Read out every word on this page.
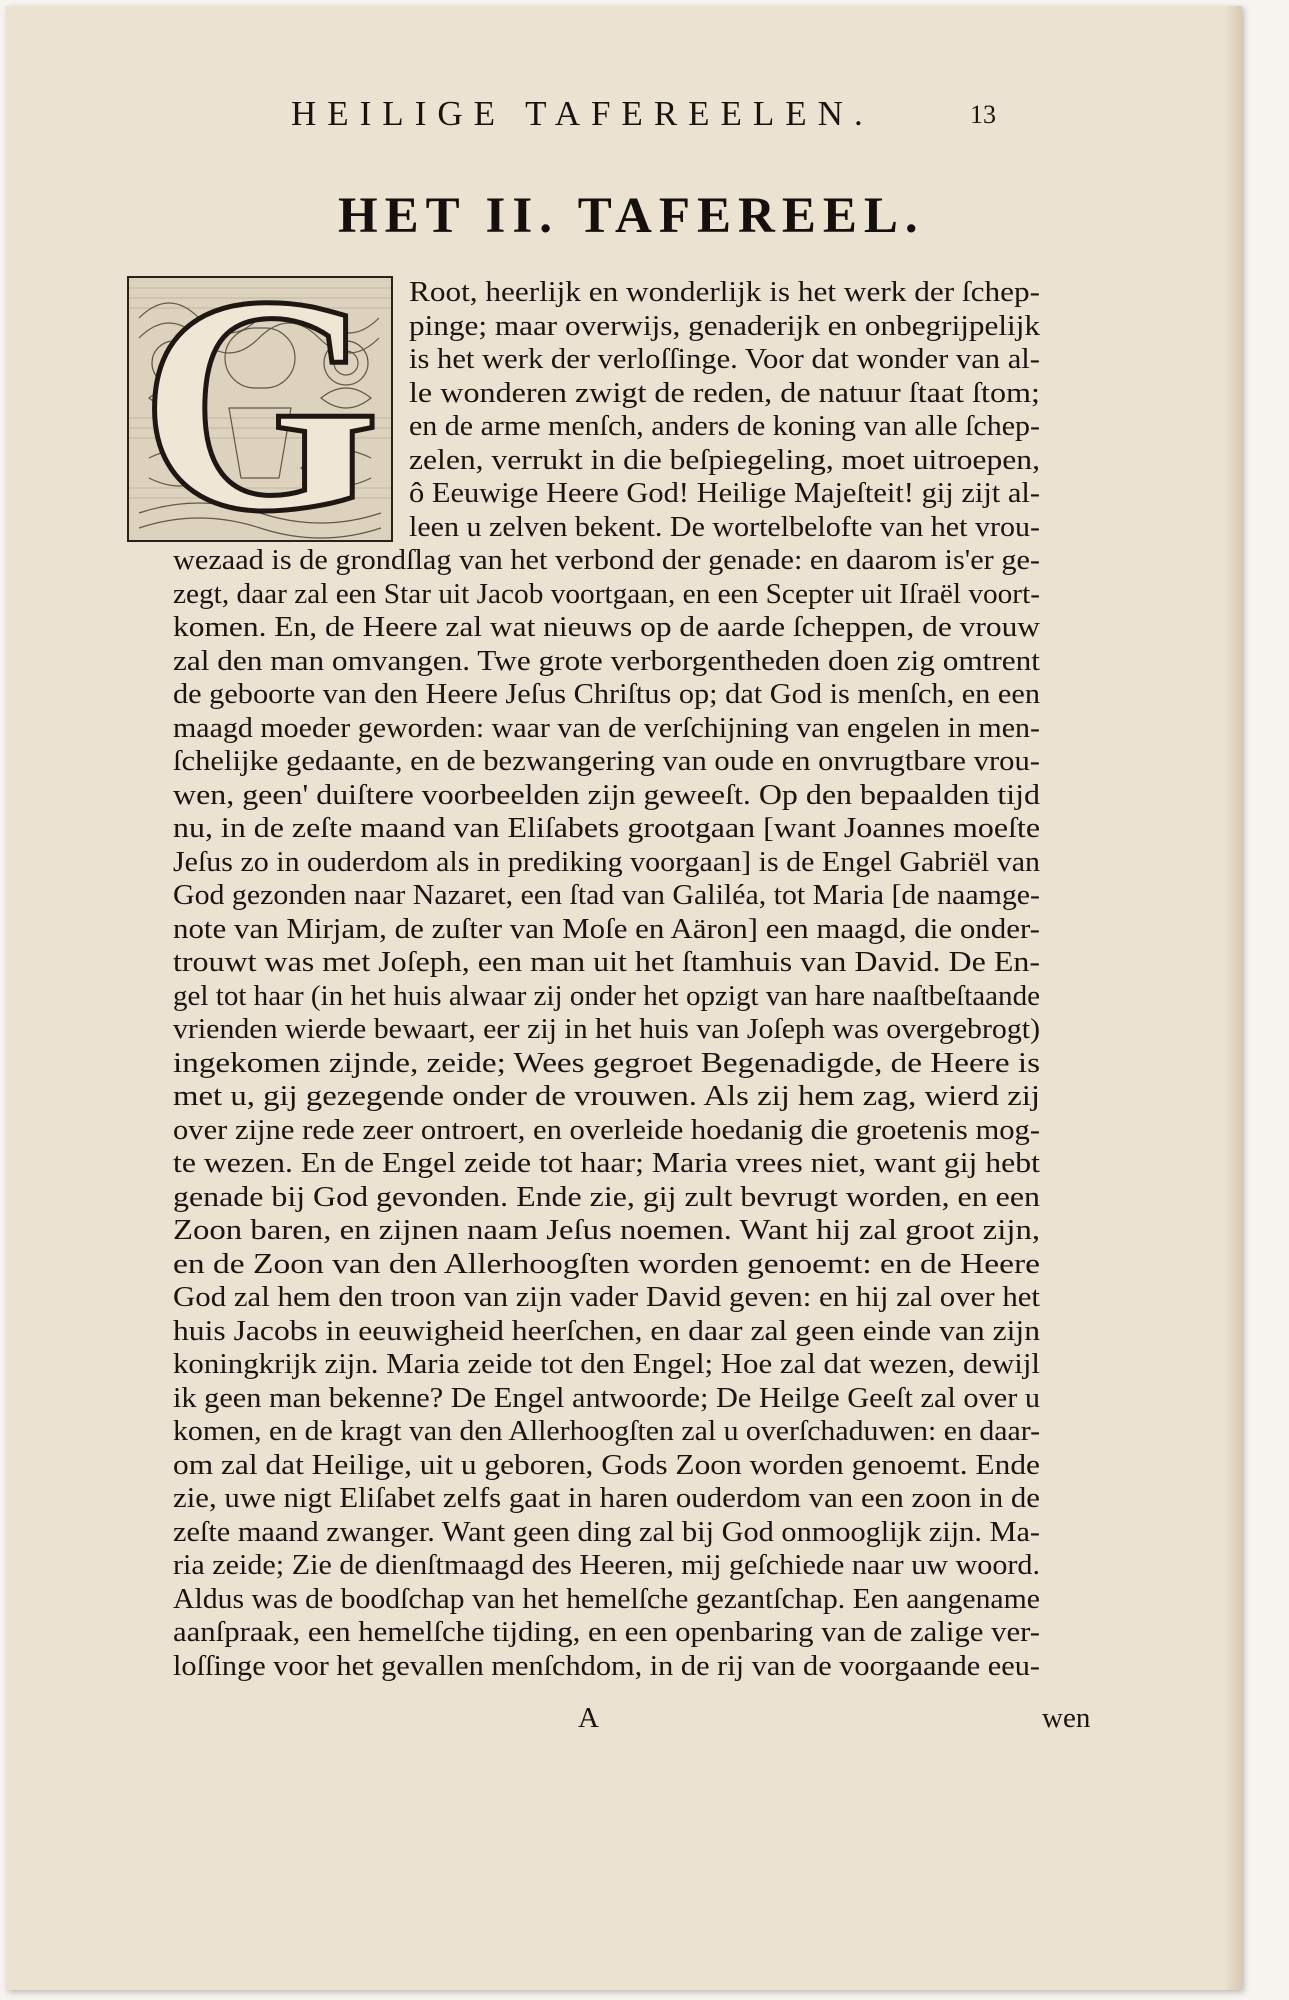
HEILIGE TAFEREELEN.	13
HET II. TAFEREEL.
G Root, heerlijk en wonderlijk is het werk der ſchep-
pinge; maar overwijs, genaderijk en onbegrijpelijk
is het werk der verloſſinge. Voor dat wonder van al-
le wonderen zwigt de reden, de natuur ſtaat ſtom;
en de arme menſch, anders de koning van alle ſchep-
zelen, verrukt in die beſpiegeling, moet uitroepen,
ô Eeuwige Heere God! Heilige Majeſteit! gij zijt al-
leen u zelven bekent. De wortelbelofte van het vrou-
wezaad is de grondſlag van het verbond der genade: en daarom is'er ge-
zegt, daar zal een Star uit Jacob voortgaan, en een Scepter uit Iſraël voort-
komen. En, de Heere zal wat nieuws op de aarde ſcheppen, de vrouw
zal den man omvangen. Twe grote verborgentheden doen zig omtrent
de geboorte van den Heere Jeſus Chriſtus op; dat God is menſch, en een
maagd moeder geworden: waar van de verſchijning van engelen in men-
ſchelijke gedaante, en de bezwangering van oude en onvrugtbare vrou-
wen, geen' duiſtere voorbeelden zijn geweeſt. Op den bepaalden tijd
nu, in de zeſte maand van Eliſabets grootgaan [want Joannes moeſte
Jeſus zo in ouderdom als in prediking voorgaan] is de Engel Gabriël van
God gezonden naar Nazaret, een ſtad van Galiléa, tot Maria [de naamge-
note van Mirjam, de zuſter van Moſe en Aäron] een maagd, die onder-
trouwt was met Joſeph, een man uit het ſtamhuis van David. De En-
gel tot haar (in het huis alwaar zij onder het opzigt van hare naaſtbeſtaande
vrienden wierde bewaart, eer zij in het huis van Joſeph was overgebrogt)
ingekomen zijnde, zeide; Wees gegroet Begenadigde, de Heere is
met u, gij gezegende onder de vrouwen. Als zij hem zag, wierd zij
over zijne rede zeer ontroert, en overleide hoedanig die groetenis mog-
te wezen. En de Engel zeide tot haar; Maria vrees niet, want gij hebt
genade bij God gevonden. Ende zie, gij zult bevrugt worden, en een
Zoon baren, en zijnen naam Jeſus noemen. Want hij zal groot zijn,
en de Zoon van den Allerhoogſten worden genoemt: en de Heere
God zal hem den troon van zijn vader David geven: en hij zal over het
huis Jacobs in eeuwigheid heerſchen, en daar zal geen einde van zijn
koningkrijk zijn. Maria zeide tot den Engel; Hoe zal dat wezen, dewijl
ik geen man bekenne? De Engel antwoorde; De Heilge Geeſt zal over u
komen, en de kragt van den Allerhoogſten zal u overſchaduwen: en daar-
om zal dat Heilige, uit u geboren, Gods Zoon worden genoemt. Ende
zie, uwe nigt Eliſabet zelfs gaat in haren ouderdom van een zoon in de
zeſte maand zwanger. Want geen ding zal bij God onmooglijk zijn. Ma-
ria zeide; Zie de dienſtmaagd des Heeren, mij geſchiede naar uw woord.
Aldus was de boodſchap van het hemelſche gezantſchap. Een aangename
aanſpraak, een hemelſche tijding, en een openbaring van de zalige ver-
loſſinge voor het gevallen menſchdom, in de rij van de voorgaande eeu-
A	wen
